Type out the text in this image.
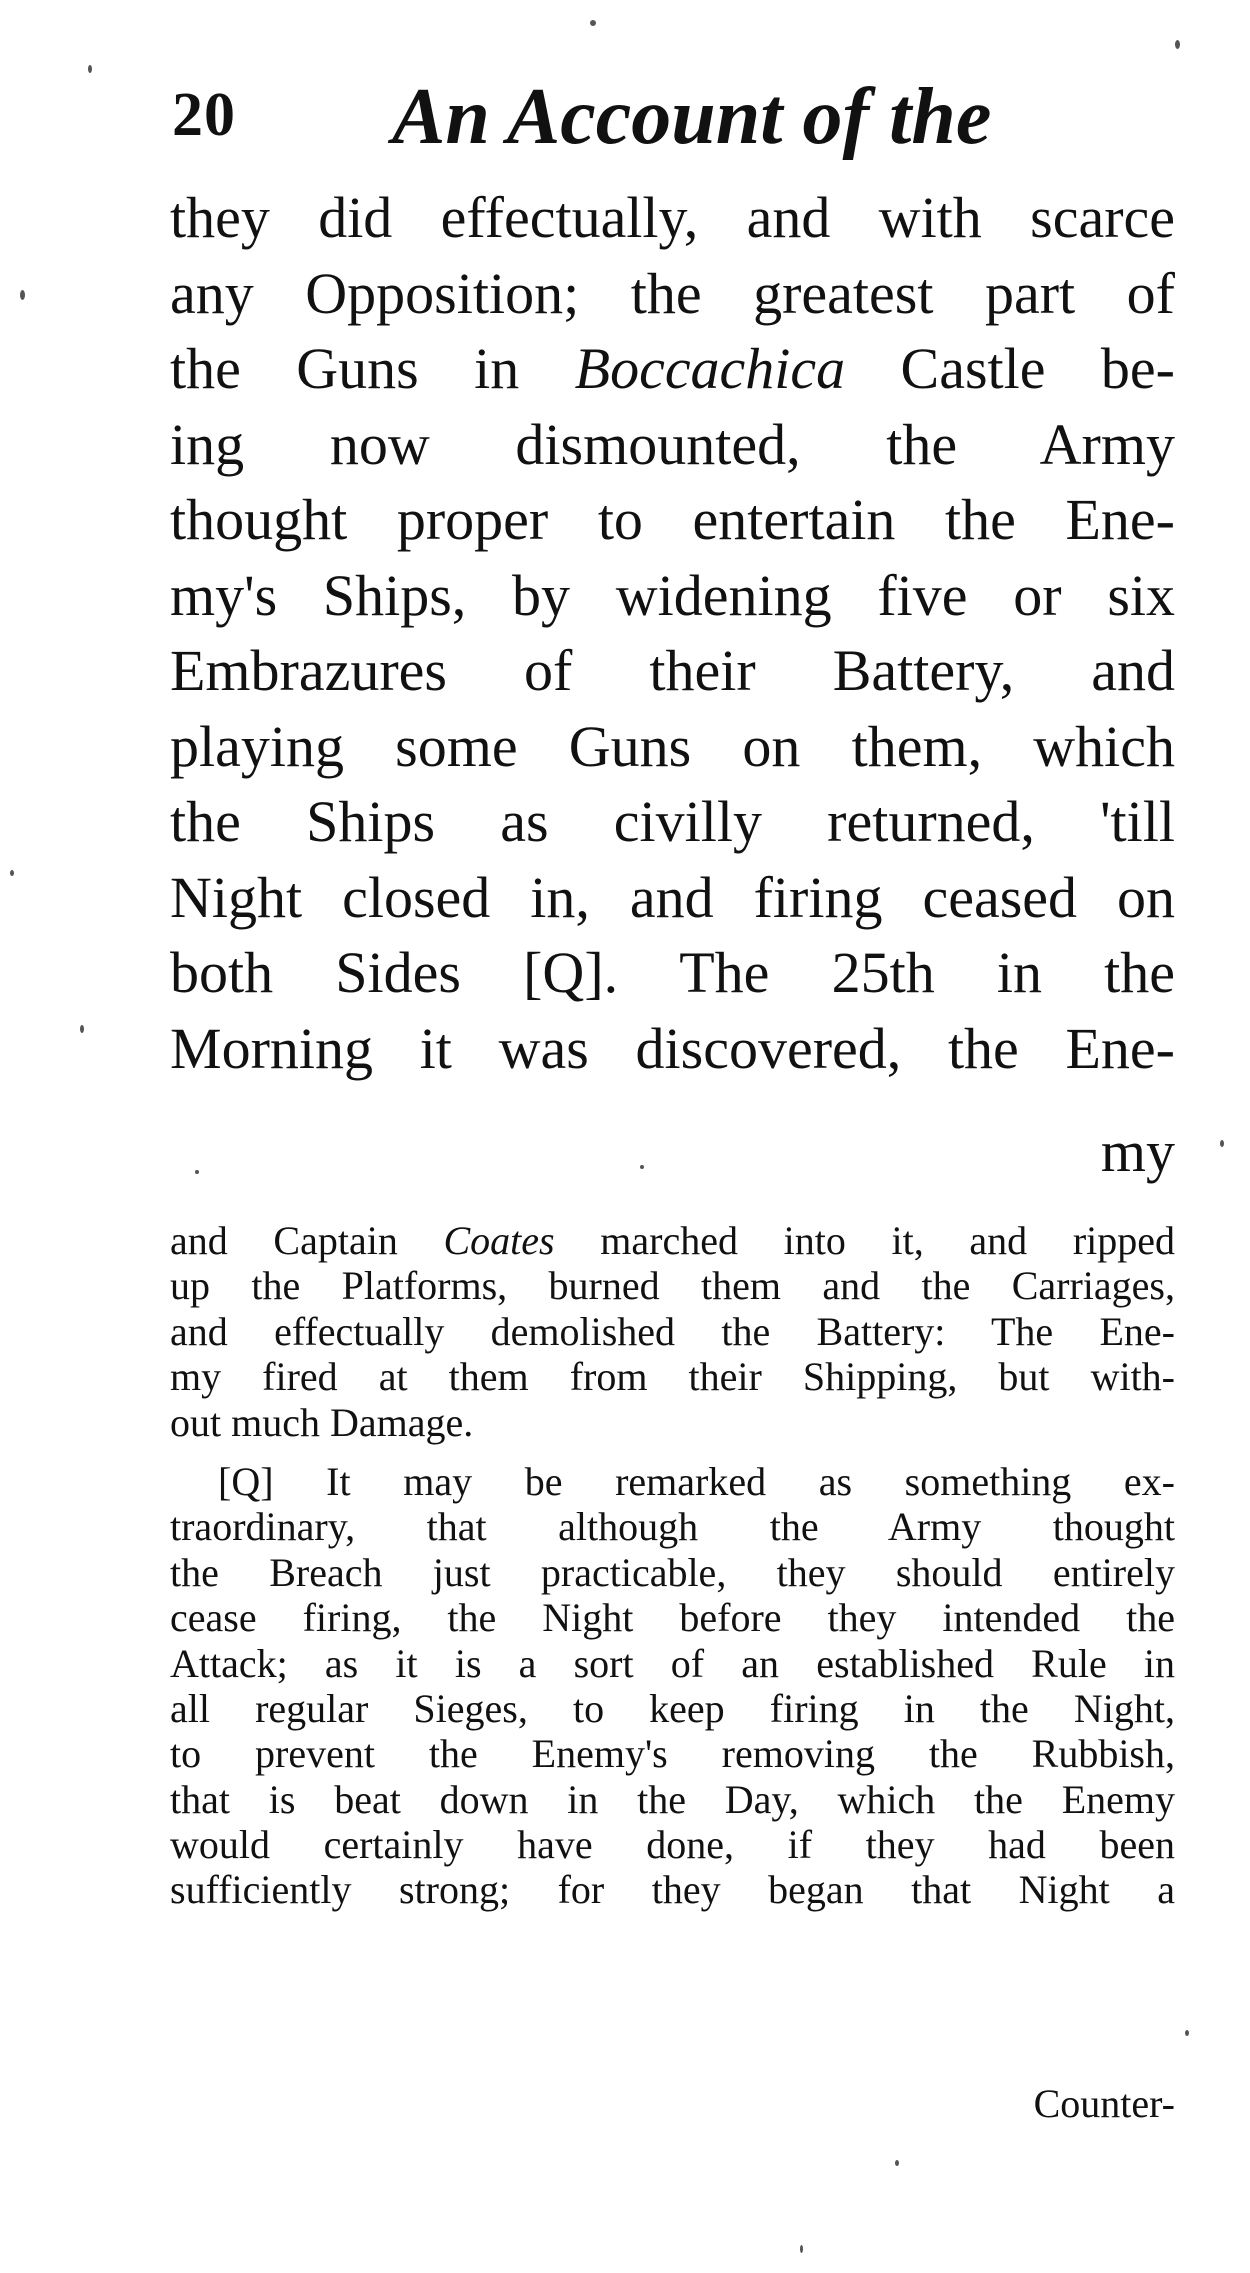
20 An Account of the
they did effectually, and with scarce
any Opposition; the greatest part of
the Guns in Boccachica Castle be-
ing now dismounted, the Army
thought proper to entertain the Ene-
my's Ships, by widening five or six
Embrazures of their Battery, and
playing some Guns on them, which
the Ships as civilly returned, 'till
Night closed in, and firing ceased on
both Sides [Q]. The 25th in the
Morning it was discovered, the Ene-
my
and Captain Coates marched into it, and ripped
up the Platforms, burned them and the Carriages,
and effectually demolished the Battery: The Ene-
my fired at them from their Shipping, but with-
out much Damage.
[Q] It may be remarked as something ex-
traordinary, that although the Army thought
the Breach just practicable, they should entirely
cease firing, the Night before they intended the
Attack; as it is a sort of an established Rule in
all regular Sieges, to keep firing in the Night,
to prevent the Enemy's removing the Rubbish,
that is beat down in the Day, which the Enemy
would certainly have done, if they had been
sufficiently strong; for they began that Night a
Counter-
